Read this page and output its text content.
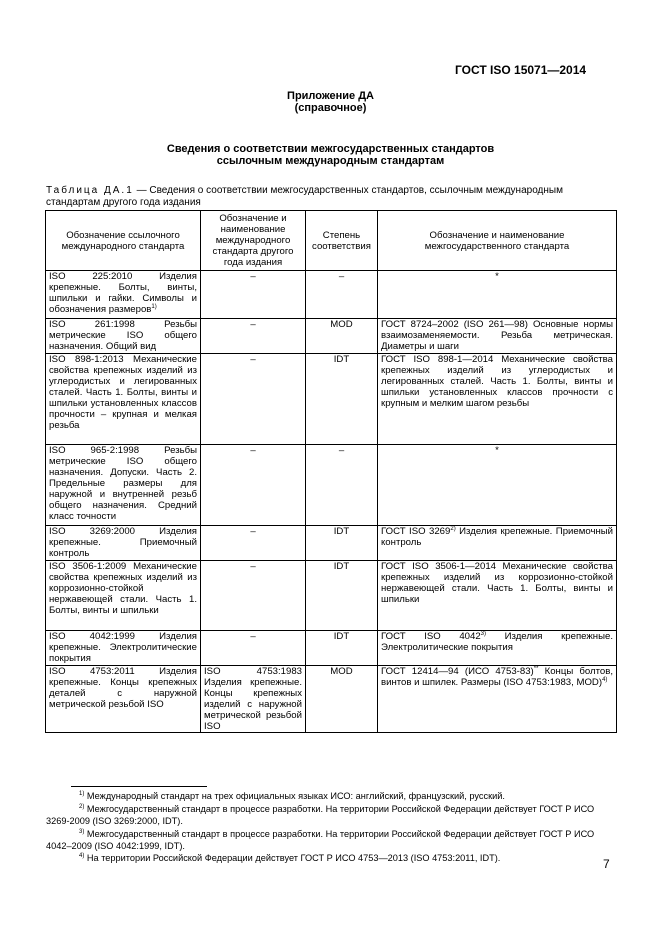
ГОСТ ISO 15071—2014
Приложение ДА
(справочное)
Сведения о соответствии межгосударственных стандартов
ссылочным международным стандартам
Таблица ДА.1 — Сведения о соответствии межгосударственных стандартов, ссылочным международным стандартам другого года издания
Обозначение ссылочного международного стандарта	Обозначение и наименование международного стандарта другого года издания	Степень соответствия	Обозначение и наименование межгосударственного стандарта
ISO 225:2010 Изделия крепежные. Болты, винты, шпильки и гайки. Символы и обозначения размеров$^{1)}$	–	–	*
ISO 261:1998 Резьбы метрические ISO общего назначения. Общий вид	–	MOD	ГОСТ 8724–2002 (ISO 261—98) Основные нормы взаимозаменяемости. Резьба метрическая. Диаметры и шаги
ISO 898-1:2013 Механические свойства крепежных изделий из углеродистых и легированных сталей. Часть 1. Болты, винты и шпильки установленных классов прочности – крупная и мелкая резьба	–	IDT	ГОСТ ISO 898-1—2014 Механические свойства крепежных изделий из углеродистых и легированных сталей. Часть 1. Болты, винты и шпильки установленных классов прочности с крупным и мелким шагом резьбы
ISO 965-2:1998 Резьбы метрические ISO общего назначения. Допуски. Часть 2. Предельные размеры для наружной и внутренней резьб общего назначения. Средний класс точности	–	–	*
ISO 3269:2000 Изделия крепежные. Приемочный контроль	–	IDT	ГОСТ ISO 3269$^{2)}$ Изделия крепежные. Приемочный контроль
ISO 3506-1:2009 Механические свойства крепежных изделий из коррозионно-стойкой нержавеющей стали. Часть 1. Болты, винты и шпильки	–	IDT	ГОСТ ISO 3506-1—2014 Механические свойства крепежных изделий из коррозионно-стойкой нержавеющей стали. Часть 1. Болты, винты и шпильки
ISO 4042:1999 Изделия крепежные. Электролитические покрытия	–	IDT	ГОСТ ISO 4042$^{3)}$ Изделия крепежные. Электролитические покрытия
ISO 4753:2011 Изделия крепежные. Концы крепежных деталей с наружной метрической резьбой ISO	ISO 4753:1983 Изделия крепежные. Концы крепежных изделий с наружной метрической резьбой ISO	MOD	ГОСТ 12414—94 (ИСО 4753-83)** Концы болтов, винтов и шпилек. Размеры (ISO 4753:1983, MOD)$^{4)}$
$^{1)}$ Международный стандарт на трех официальных языках ИСО: английский, французский, русский.
$^{2)}$ Межгосударственный стандарт в процессе разработки. На территории Российской Федерации действует ГОСТ Р ИСО 3269-2009 (ISO 3269:2000, IDT).
$^{3)}$ Межгосударственный стандарт в процессе разработки. На территории Российской Федерации действует ГОСТ Р ИСО 4042–2009 (ISO 4042:1999, IDT).
$^{4)}$ На территории Российской Федерации действует ГОСТ Р ИСО 4753—2013 (ISO 4753:2011, IDT).	7
